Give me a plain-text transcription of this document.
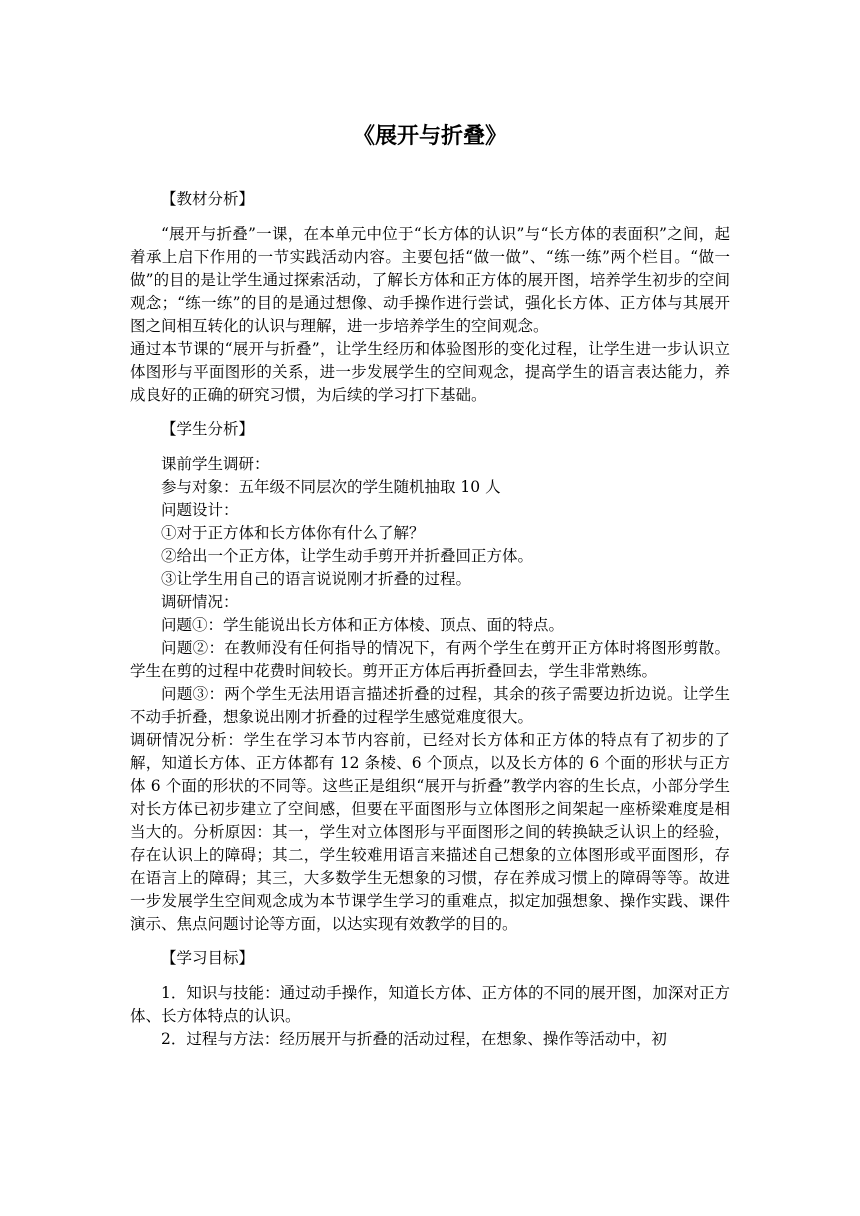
《展开与折叠》

【教材分析】

“展开与折叠”一课，在本单元中位于“长方体的认识”与“长方体的表面积”之间，起着承上启下作用的一节实践活动内容。主要包括“做一做”、“练一练”两个栏目。“做一做”的目的是让学生通过探索活动，了解长方体和正方体的展开图，培养学生初步的空间观念；“练一练”的目的是通过想像、动手操作进行尝试，强化长方体、正方体与其展开图之间相互转化的认识与理解，进一步培养学生的空间观念。

通过本节课的“展开与折叠”，让学生经历和体验图形的变化过程，让学生进一步认识立体图形与平面图形的关系，进一步发展学生的空间观念，提高学生的语言表达能力，养成良好的正确的研究习惯，为后续的学习打下基础。

【学生分析】

课前学生调研：

参与对象：五年级不同层次的学生随机抽取 10 人

问题设计：

①对于正方体和长方体你有什么了解？

②给出一个正方体，让学生动手剪开并折叠回正方体。

③让学生用自己的语言说说刚才折叠的过程。

调研情况：

问题①：学生能说出长方体和正方体棱、顶点、面的特点。

问题②：在教师没有任何指导的情况下，有两个学生在剪开正方体时将图形剪散。学生在剪的过程中花费时间较长。剪开正方体后再折叠回去，学生非常熟练。

问题③：两个学生无法用语言描述折叠的过程，其余的孩子需要边折边说。让学生不动手折叠，想象说出刚才折叠的过程学生感觉难度很大。

调研情况分析：学生在学习本节内容前，已经对长方体和正方体的特点有了初步的了解，知道长方体、正方体都有 12 条棱、6 个顶点，以及长方体的 6 个面的形状与正方体 6 个面的形状的不同等。这些正是组织“展开与折叠”教学内容的生长点，小部分学生对长方体已初步建立了空间感，但要在平面图形与立体图形之间架起一座桥梁难度是相当大的。分析原因：其一，学生对立体图形与平面图形之间的转换缺乏认识上的经验，存在认识上的障碍；其二，学生较难用语言来描述自己想象的立体图形或平面图形，存在语言上的障碍；其三，大多数学生无想象的习惯，存在养成习惯上的障碍等等。故进一步发展学生空间观念成为本节课学生学习的重难点，拟定加强想象、操作实践、课件演示、焦点问题讨论等方面，以达实现有效教学的目的。

【学习目标】

1．知识与技能：通过动手操作，知道长方体、正方体的不同的展开图，加深对正方体、长方体特点的认识。

2．过程与方法：经历展开与折叠的活动过程，在想象、操作等活动中，初
